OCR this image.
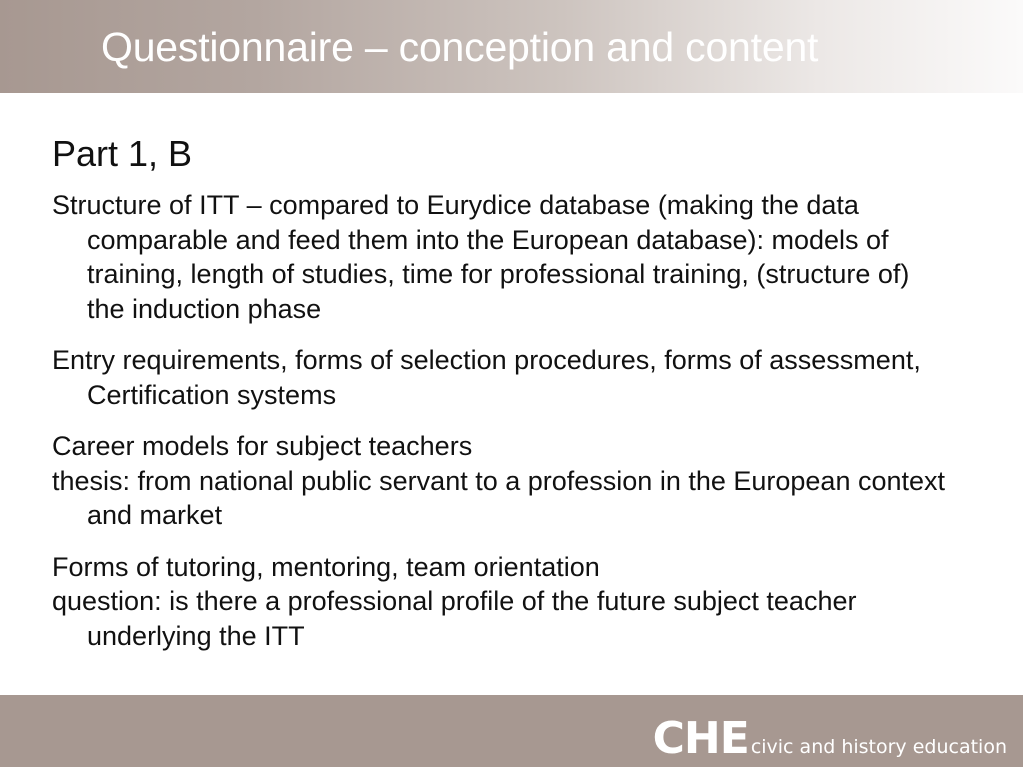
Questionnaire – conception and content
Part 1, B
Structure of ITT – compared to Eurydice database (making the data comparable and feed them into the European database): models of training, length of studies, time for professional training, (structure of) the induction phase
Entry requirements, forms of selection procedures, forms of assessment, Certification systems
Career models for subject teachers
thesis: from national public servant to a profession in the European context and market
Forms of tutoring, mentoring, team orientation
question: is there a professional profile of the future subject teacher underlying the ITT
CHE civic and history education
